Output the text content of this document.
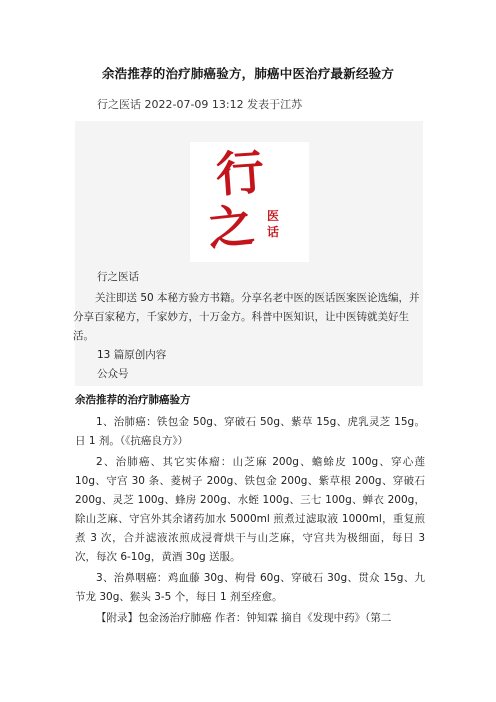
余浩推荐的治疗肺癌验方，肺癌中医治疗最新经验方
行之医话 2022-07-09 13:12 发表于江苏
行
之 医话
行之医话
关注即送 50 本秘方验方书籍。分享名老中医的医话医案医论选编，并分享百家秘方，千家妙方，十万金方。科普中医知识，让中医铸就美好生活。
13 篇原创内容
公众号
余浩推荐的治疗肺癌验方

1、治肺癌：铁包金 50g、穿破石 50g、紫草 15g、虎乳灵芝 15g。日 1 剂。（《抗癌良方》）

2、治肺癌、其它实体瘤：山芝麻 200g、蟾蜍皮 100g、穿心莲 10g、守宫 30 条、菱树子 200g、铁包金 200g、紫草根 200g、穿破石 200g、灵芝 100g、蜂房 200g、水蛭 100g、三七 100g、蝉衣 200g，除山芝麻、守宫外其余诸药加水 5000ml 煎煮过滤取液 1000ml，重复煎煮 3 次，合并滤液浓煎成浸膏烘干与山芝麻，守宫共为极细面，每日 3 次，每次 6-10g，黄酒 30g 送服。

3、治鼻咽癌：鸡血藤 30g、枸骨 60g、穿破石 30g、贯众 15g、九节龙 30g、猴头 3-5 个，每日 1 剂至痊愈。

【附录】包金汤治疗肺癌 作者：钟知霖 摘自《发现中药》（第二
